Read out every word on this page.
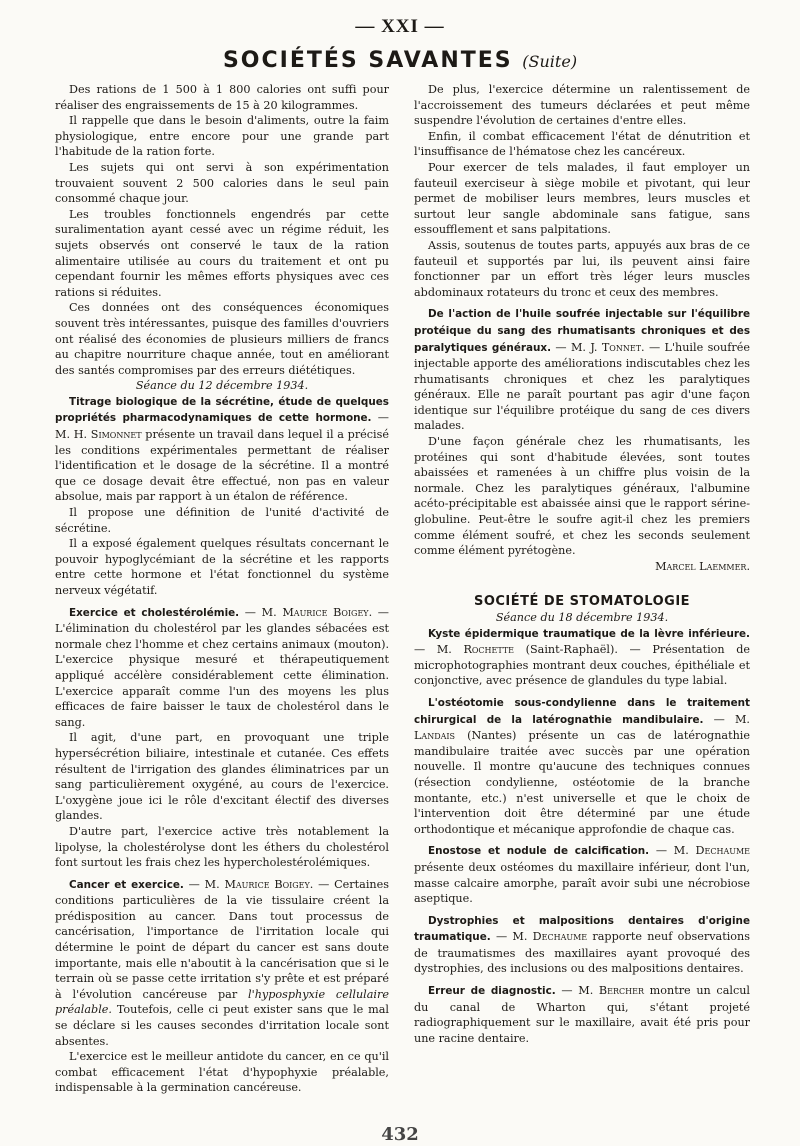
— XXI —
SOCIÉTÉS SAVANTES (Suite)

Des rations de 1 500 à 1 800 calories ont suffi pour réaliser des engraissements de 15 à 20 kilogrammes.

Il rappelle que dans le besoin d'aliments, outre la faim physiologique, entre encore pour une grande part l'habitude de la ration forte.

Les sujets qui ont servi à son expérimentation trouvaient souvent 2 500 calories dans le seul pain consommé chaque jour.

Les troubles fonctionnels engendrés par cette suralimentation ayant cessé avec un régime réduit, les sujets observés ont conservé le taux de la ration alimentaire utilisée au cours du traitement et ont pu cependant fournir les mêmes efforts physiques avec ces rations si réduites.

Ces données ont des conséquences économiques souvent très intéressantes, puisque des familles d'ouvriers ont réalisé des économies de plusieurs milliers de francs au chapitre nourriture chaque année, tout en améliorant des santés compromises par des erreurs diététiques.

Séance du 12 décembre 1934.

Titrage biologique de la sécrétine, étude de quelques propriétés pharmacodynamiques de cette hormone. — M. H. Simonnet présente un travail dans lequel il a précisé les conditions expérimentales permettant de réaliser l'identification et le dosage de la sécrétine. Il a montré que ce dosage devait être effectué, non pas en valeur absolue, mais par rapport à un étalon de référence.

Il propose une définition de l'unité d'activité de sécrétine.

Il a exposé également quelques résultats concernant le pouvoir hypoglycémiant de la sécrétine et les rapports entre cette hormone et l'état fonctionnel du système nerveux végétatif.

Exercice et cholestérolémie. — M. Maurice Boigey. — L'élimination du cholestérol par les glandes sébacées est normale chez l'homme et chez certains animaux (mouton). L'exercice physique mesuré et thérapeutiquement appliqué accélère considérablement cette élimination. L'exercice apparaît comme l'un des moyens les plus efficaces de faire baisser le taux de cholestérol dans le sang.

Il agit, d'une part, en provoquant une triple hypersécrétion biliaire, intestinale et cutanée. Ces effets résultent de l'irrigation des glandes éliminatrices par un sang particulièrement oxygéné, au cours de l'exercice. L'oxygène joue ici le rôle d'excitant électif des diverses glandes.

D'autre part, l'exercice active très notablement la lipolyse, la cholestérolyse dont les éthers du cholestérol font surtout les frais chez les hypercholestérolémiques.

Cancer et exercice. — M. Maurice Boigey. — Certaines conditions particulières de la vie tissulaire créent la prédisposition au cancer. Dans tout processus de cancérisation, l'importance de l'irritation locale qui détermine le point de départ du cancer est sans doute importante, mais elle n'aboutit à la cancérisation que si le terrain où se passe cette irritation s'y prête et est préparé à l'évolution cancéreuse par l'hyposphyxie cellulaire préalable. Toutefois, celle ci peut exister sans que le mal se déclare si les causes secondes d'irritation locale sont absentes.

L'exercice est le meilleur antidote du cancer, en ce qu'il combat efficacement l'état d'hypophyxie préalable, indispensable à la germination cancéreuse.

De plus, l'exercice détermine un ralentissement de l'accroissement des tumeurs déclarées et peut même suspendre l'évolution de certaines d'entre elles.

Enfin, il combat efficacement l'état de dénutrition et l'insuffisance de l'hématose chez les cancéreux.

Pour exercer de tels malades, il faut employer un fauteuil exerciseur à siège mobile et pivotant, qui leur permet de mobiliser leurs membres, leurs muscles et surtout leur sangle abdominale sans fatigue, sans essoufflement et sans palpitations.

Assis, soutenus de toutes parts, appuyés aux bras de ce fauteuil et supportés par lui, ils peuvent ainsi faire fonctionner par un effort très léger leurs muscles abdominaux rotateurs du tronc et ceux des membres.

De l'action de l'huile soufrée injectable sur l'équilibre protéique du sang des rhumatisants chroniques et des paralytiques généraux. — M. J. Tonnet. — L'huile soufrée injectable apporte des améliorations indiscutables chez les rhumatisants chroniques et chez les paralytiques généraux. Elle ne paraît pourtant pas agir d'une façon identique sur l'équilibre protéique du sang de ces divers malades.

D'une façon générale chez les rhumatisants, les protéines qui sont d'habitude élevées, sont toutes abaissées et ramenées à un chiffre plus voisin de la normale. Chez les paralytiques généraux, l'albumine acéto-précipitable est abaissée ainsi que le rapport sérine-globuline. Peut-être le soufre agit-il chez les premiers comme élément soufré, et chez les seconds seulement comme élément pyrétogène.

Marcel Laemmer.

SOCIÉTÉ DE STOMATOLOGIE

Séance du 18 décembre 1934.

Kyste épidermique traumatique de la lèvre inférieure. — M. Rochette (Saint-Raphaël). — Présentation de microphotographies montrant deux couches, épithéliale et conjonctive, avec présence de glandules du type labial.

L'ostéotomie sous-condylienne dans le traitement chirurgical de la latérognathie mandibulaire. — M. Landais (Nantes) présente un cas de latérognathie mandibulaire traitée avec succès par une opération nouvelle. Il montre qu'aucune des techniques connues (résection condylienne, ostéotomie de la branche montante, etc.) n'est universelle et que le choix de l'intervention doit être déterminé par une étude orthodontique et mécanique approfondie de chaque cas.

Enostose et nodule de calcification. — M. Dechaume présente deux ostéomes du maxillaire inférieur, dont l'un, masse calcaire amorphe, paraît avoir subi une nécrobiose aseptique.

Dystrophies et malpositions dentaires d'origine traumatique. — M. Dechaume rapporte neuf observations de traumatismes des maxillaires ayant provoqué des dystrophies, des inclusions ou des malpositions dentaires.

Erreur de diagnostic. — M. Bercher montre un calcul du canal de Wharton qui, s'étant projeté radiographiquement sur le maxillaire, avait été pris pour une racine dentaire.

432
